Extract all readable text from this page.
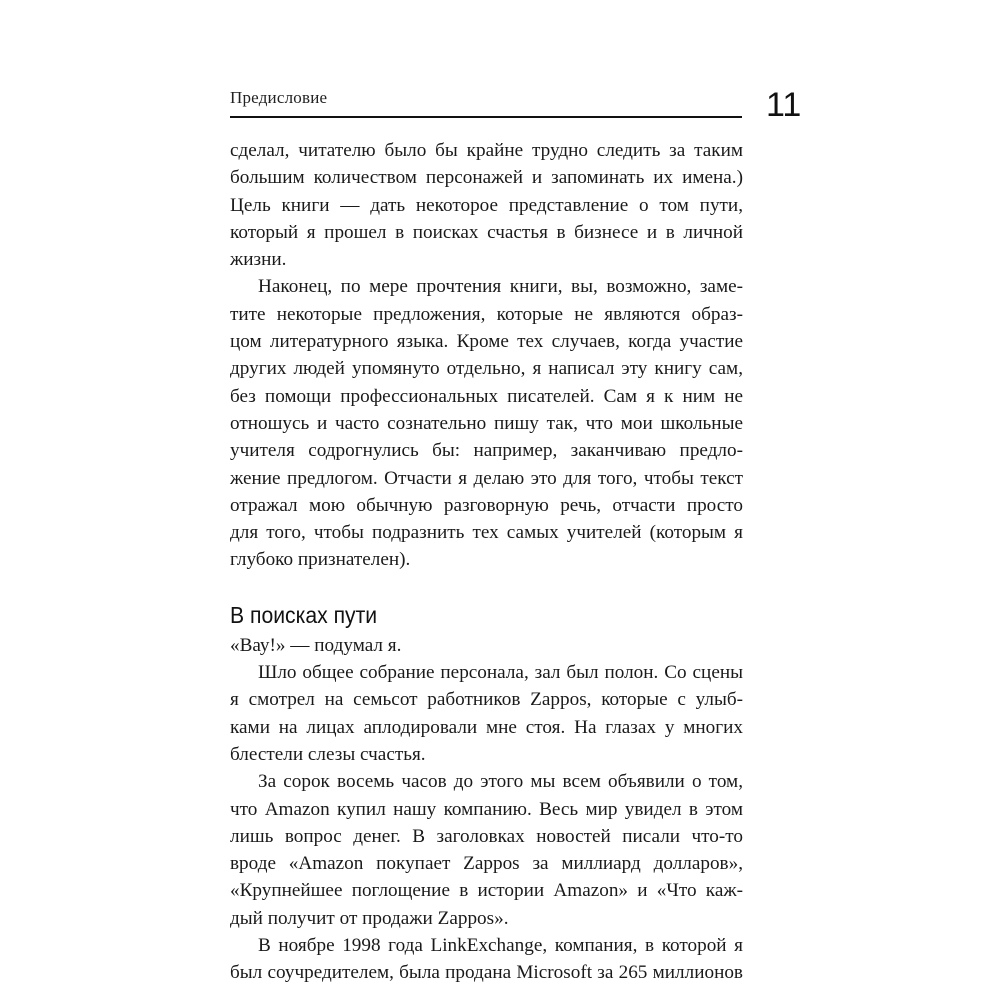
Предисловие	11
сделал, читателю было бы крайне трудно следить за таким
большим количеством персонажей и запоминать их имена.)
Цель книги — дать некоторое представление о том пути,
который я прошел в поисках счастья в бизнесе и в личной
жизни.
Наконец, по мере прочтения книги, вы, возможно, заме-
тите некоторые предложения, которые не являются образ-
цом литературного языка. Кроме тех случаев, когда участие
других людей упомянуто отдельно, я написал эту книгу сам,
без помощи профессиональных писателей. Сам я к ним не
отношусь и часто сознательно пишу так, что мои школьные
учителя содрогнулись бы: например, заканчиваю предло-
жение предлогом. Отчасти я делаю это для того, чтобы текст
отражал мою обычную разговорную речь, отчасти просто
для того, чтобы подразнить тех самых учителей (которым я
глубоко признателен).
В поисках пути
«Вау!» — подумал я.
Шло общее собрание персонала, зал был полон. Со сцены
я смотрел на семьсот работников Zappos, которые с улыб-
ками на лицах аплодировали мне стоя. На глазах у многих
блестели слезы счастья.
За сорок восемь часов до этого мы всем объявили о том,
что Amazon купил нашу компанию. Весь мир увидел в этом
лишь вопрос денег. В заголовках новостей писали что-то
вроде «Amazon покупает Zappos за миллиард долларов»,
«Крупнейшее поглощение в истории Amazon» и «Что каж-
дый получит от продажи Zappos».
В ноябре 1998 года LinkExchange, компания, в которой я
был соучредителем, была продана Microsoft за 265 миллионов
